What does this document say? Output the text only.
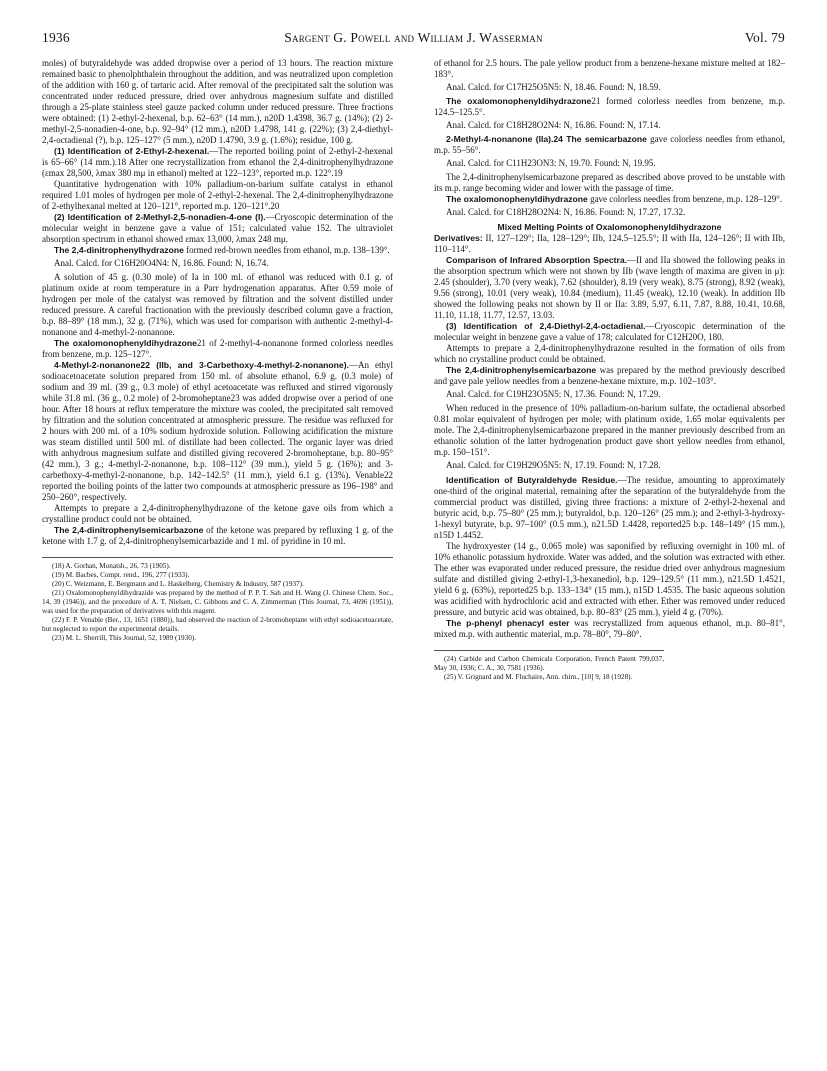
1936	Sargent G. Powell and William J. Wasserman	Vol. 79

moles) of butyraldehyde was added dropwise over a period of 13 hours. The reaction mixture remained basic to phenolphthalein throughout the addition, and was neutralized upon completion of the addition with 160 g. of tartaric acid. After removal of the precipitated salt the solution was concentrated under reduced pressure, dried over anhydrous magnesium sulfate and distilled through a 25-plate stainless steel gauze packed column under reduced pressure. Three fractions were obtained: (1) 2-ethyl-2-hexenal, b.p. 62–63° (14 mm.), n20D 1.4398, 36.7 g. (14%); (2) 2-methyl-2,5-nonadien-4-one, b.p. 92–94° (12 mm.), n20D 1.4798, 141 g. (22%); (3) 2,4-diethyl-2,4-octadienal (?), b.p. 125–127° (5 mm.), n20D 1.4790, 3.9 g. (1.6%); residue, 100 g.

(1) Identification of 2-Ethyl-2-hexenal.—The reported boiling point of 2-ethyl-2-hexenal is 65–66° (14 mm.).18 After one recrystallization from ethanol the 2,4-dinitrophenylhydrazone (εmax 28,500, λmax 380 mμ in ethanol) melted at 122–123°, reported m.p. 122°.19

Quantitative hydrogenation with 10% palladium-on-barium sulfate catalyst in ethanol required 1.01 moles of hydrogen per mole of 2-ethyl-2-hexenal. The 2,4-dinitrophenylhydrazone of 2-ethylhexanal melted at 120–121°, reported m.p. 120–121°.20

(2) Identification of 2-Methyl-2,5-nonadien-4-one (I).—Cryoscopic determination of the molecular weight in benzene gave a value of 151; calculated value 152. The ultraviolet absorption spectrum in ethanol showed εmax 13,000, λmax 248 mμ.

The 2,4-dinitrophenylhydrazone formed red-brown needles from ethanol, m.p. 138–139°.

Anal. Calcd. for C16H20O4N4: N, 16.86. Found: N, 16.74.

A solution of 45 g. (0.30 mole) of Ia in 100 ml. of ethanol was reduced with 0.1 g. of platinum oxide at room temperature in a Parr hydrogenation apparatus. After 0.59 mole of hydrogen per mole of the catalyst was removed by filtration and the solvent distilled under reduced pressure. A careful fractionation with the previously described column gave a fraction, b.p. 88–89° (18 mm.), 32 g. (71%), which was used for comparison with authentic 2-methyl-4-nonanone and 4-methyl-2-nonanone.

The oxalomonophenyldihydrazone21 of 2-methyl-4-nonanone formed colorless needles from benzene, m.p. 125–127°.

4-Methyl-2-nonanone22 (IIb, and 3-Carbethoxy-4-methyl-2-nonanone).—An ethyl sodioacetoacetate solution prepared from 150 ml. of absolute ethanol, 6.9 g. (0.3 mole) of sodium and 39 ml. (39 g., 0.3 mole) of ethyl acetoacetate was refluxed and stirred vigorously while 31.8 ml. (36 g., 0.2 mole) of 2-bromoheptane23 was added dropwise over a period of one hour. After 18 hours at reflux temperature the mixture was cooled, the precipitated salt removed by filtration and the solution concentrated at atmospheric pressure. The residue was refluxed for 2 hours with 200 ml. of a 10% sodium hydroxide solution. Following acidification the mixture was steam distilled until 500 ml. of distillate had been collected. The organic layer was dried with anhydrous magnesium sulfate and distilled giving recovered 2-bromoheptane, b.p. 80–95° (42 mm.), 3 g.; 4-methyl-2-nonanone, b.p. 108–112° (39 mm.), yield 5 g. (16%); and 3-carbethoxy-4-methyl-2-nonanone, b.p. 142–142.5° (11 mm.), yield 6.1 g. (13%). Venable22 reported the boiling points of the latter two compounds at atmospheric pressure as 196–198° and 250–260°, respectively.

Attempts to prepare a 2,4-dinitrophenylhydrazone of the ketone gave oils from which a crystalline product could not be obtained.

The 2,4-dinitrophenylsemicarbazone of the ketone was prepared by refluxing 1 g. of the ketone with 1.7 g. of 2,4-dinitrophenylsemicarbazide and 1 ml. of pyridine in 10 ml.

(18) A. Gorhan, Monatsh., 26, 73 (1905).

(19) M. Bacbes, Compt. rend., 196, 277 (1933).

(20) C. Weizmann, E. Bergmann and L. Haskelberg, Chemistry & Industry, 587 (1937).

(21) Oxalomonophenyldihydrazide was prepared by the method of P. P. T. Sah and H. Wang (J. Chinese Chem. Soc., 14, 39 (1946)), and the procedure of A. T. Nielsen, C. Gibbons and C. A. Zimmerman (This Journal, 73, 4696 (1951)), was used for the preparation of derivatives with this reagent.

(22) F. P. Venable (Ber., 13, 1651 (1880)), had observed the reaction of 2-bromoheptane with ethyl sodioacetoacetate, but neglected to report the experimental details.

(23) M. L. Sherrill, This Journal, 52, 1989 (1930).

of ethanol for 2.5 hours. The pale yellow product from a benzene-hexane mixture melted at 182–183°.

Anal. Calcd. for C17H25O5N5: N, 18.46. Found: N, 18.59.

The oxalomonophenyldihydrazone21 formed colorless needles from benzene, m.p. 124.5–125.5°.

Anal. Calcd. for C18H28O2N4: N, 16.86. Found: N, 17.14.

2-Methyl-4-nonanone (IIa).24 The semicarbazone gave colorless needles from ethanol, m.p. 55–56°.

Anal. Calcd. for C11H23ON3: N, 19.70. Found: N, 19.95.

The 2,4-dinitrophenylsemicarbazone prepared as described above proved to be unstable with its m.p. range becoming wider and lower with the passage of time.

The oxalomonophenyldihydrazone gave colorless needles from benzene, m.p. 128–129°.

Anal. Calcd. for C18H28O2N4: N, 16.86. Found: N, 17.27, 17.32.

Mixed Melting Points of Oxalomonophenyldihydrazone

Derivatives: II, 127–129°; IIa, 128–129°; IIb, 124.5–125.5°; II with IIa, 124–126°; II with IIb, 110–114°.

Comparison of Infrared Absorption Spectra.—II and IIa showed the following peaks in the absorption spectrum which were not shown by IIb (wave length of maxima are given in μ): 2.45 (shoulder), 3.70 (very weak), 7.62 (shoulder), 8.19 (very weak), 8.75 (strong), 8.92 (weak), 9.56 (strong), 10.01 (very weak), 10.84 (medium), 11.45 (weak), 12.10 (weak). In addition IIb showed the following peaks not shown by II or IIa: 3.89, 5.97, 6.11, 7.87, 8.88, 10.41, 10.68, 11.10, 11.18, 11.77, 12.57, 13.03.

(3) Identification of 2,4-Diethyl-2,4-octadienal.—Cryoscopic determination of the molecular weight in benzene gave a value of 178; calculated for C12H20O, 180.

Attempts to prepare a 2,4-dinitrophenylhydrazone resulted in the formation of oils from which no crystalline product could be obtained.

The 2,4-dinitrophenylsemicarbazone was prepared by the method previously described and gave pale yellow needles from a benzene-hexane mixture, m.p. 102–103°.

Anal. Calcd. for C19H23O5N5: N, 17.36. Found: N, 17.29.

When reduced in the presence of 10% palladium-on-barium sulfate, the octadienal absorbed 0.81 molar equivalent of hydrogen per mole; with platinum oxide, 1.65 molar equivalents per mole. The 2,4-dinitrophenylsemicarbazone prepared in the manner previously described from an ethanolic solution of the latter hydrogenation product gave short yellow needles from ethanol, m.p. 150–151°.

Anal. Calcd. for C19H29O5N5: N, 17.19. Found: N, 17.28.

Identification of Butyraldehyde Residue.—The residue, amounting to approximately one-third of the original material, remaining after the separation of the butyraldehyde from the commercial product was distilled, giving three fractions: a mixture of 2-ethyl-2-hexenal and butyric acid, b.p. 75–80° (25 mm.); butyraldol, b.p. 120–126° (25 mm.); and 2-ethyl-3-hydroxy-1-hexyl butyrate, b.p. 97–100° (0.5 mm.), n21.5D 1.4428, reported25 b.p. 148–149° (15 mm.), n15D 1.4452.

The hydroxyester (14 g., 0.065 mole) was saponified by refluxing overnight in 100 ml. of 10% ethanolic potassium hydroxide. Water was added, and the solution was extracted with ether. The ether was evaporated under reduced pressure, the residue dried over anhydrous magnesium sulfate and distilled giving 2-ethyl-1,3-hexanediol, b.p. 129–129.5° (11 mm.), n21.5D 1.4521, yield 6 g. (63%), reported25 b.p. 133–134° (15 mm.), n15D 1.4535. The basic aqueous solution was acidified with hydrochloric acid and extracted with ether. Ether was removed under reduced pressure, and butyric acid was obtained, b.p. 80–83° (25 mm.), yield 4 g. (70%).

The p-phenyl phenacyl ester was recrystallized from aqueous ethanol, m.p. 80–81°, mixed m.p. with authentic material, m.p. 78–80°, 79–80°.

(24) Carbide and Carbon Chemicals Corporation, French Patent 799,037, May 30, 1936; C. A., 30, 7581 (1936).

(25) V. Grignard and M. Fluchaire, Ann. chim., [10] 9, 18 (1928).
